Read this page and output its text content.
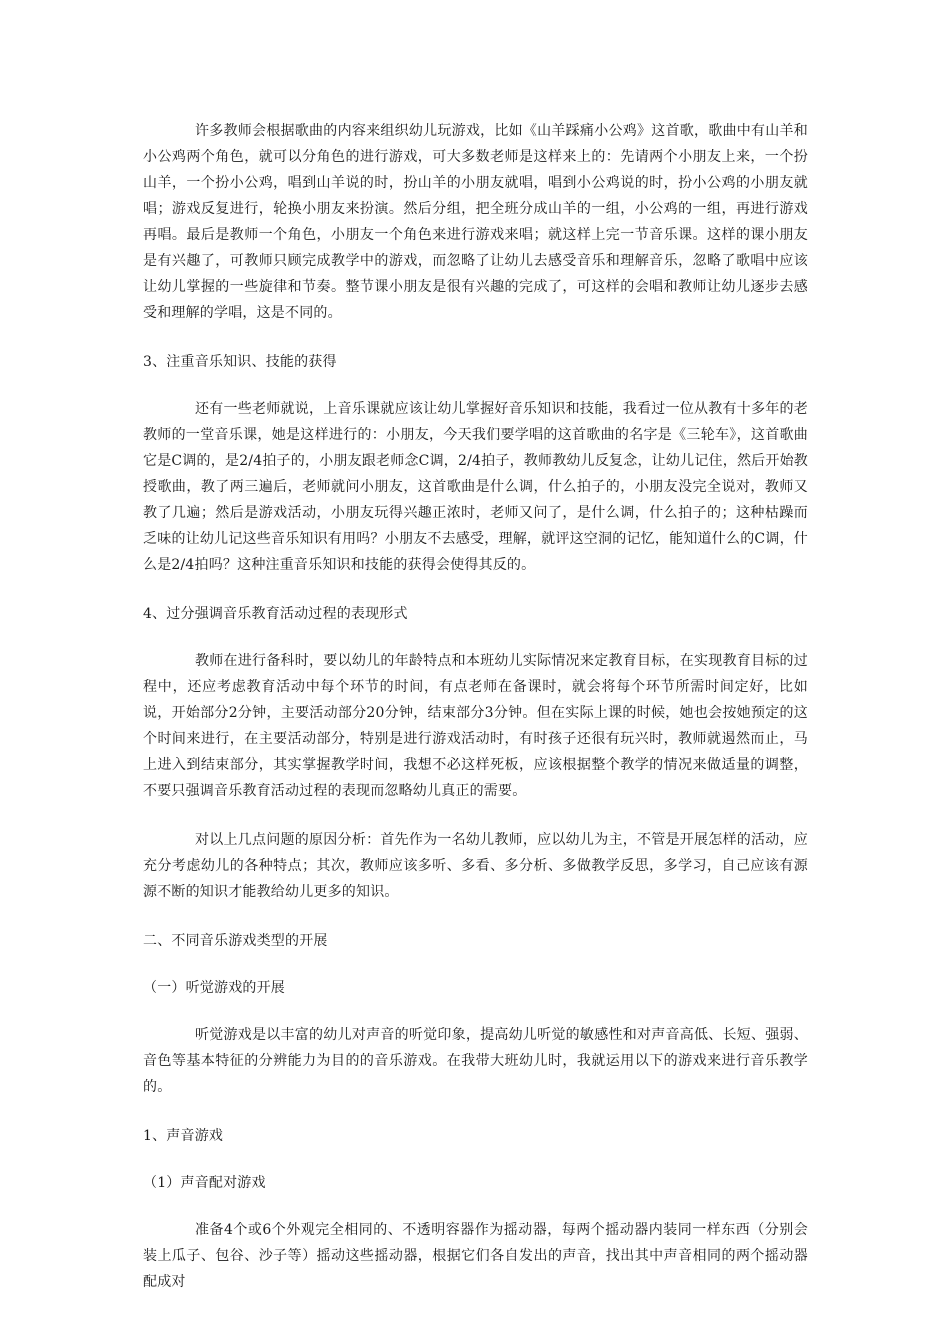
许多教师会根据歌曲的内容来组织幼儿玩游戏，比如《山羊踩痛小公鸡》这首歌，歌曲中有山羊和小公鸡两个角色，就可以分角色的进行游戏，可大多数老师是这样来上的：先请两个小朋友上来，一个扮山羊，一个扮小公鸡，唱到山羊说的时，扮山羊的小朋友就唱，唱到小公鸡说的时，扮小公鸡的小朋友就唱；游戏反复进行，轮换小朋友来扮演。然后分组，把全班分成山羊的一组，小公鸡的一组，再进行游戏再唱。最后是教师一个角色，小朋友一个角色来进行游戏来唱；就这样上完一节音乐课。这样的课小朋友是有兴趣了，可教师只顾完成教学中的游戏，而忽略了让幼儿去感受音乐和理解音乐，忽略了歌唱中应该让幼儿掌握的一些旋律和节奏。整节课小朋友是很有兴趣的完成了，可这样的会唱和教师让幼儿逐步去感受和理解的学唱，这是不同的。

3、注重音乐知识、技能的获得

还有一些老师就说，上音乐课就应该让幼儿掌握好音乐知识和技能，我看过一位从教有十多年的老教师的一堂音乐课，她是这样进行的：小朋友，今天我们要学唱的这首歌曲的名字是《三轮车》，这首歌曲它是C调的，是2/4拍子的，小朋友跟老师念C调，2/4拍子，教师教幼儿反复念，让幼儿记住，然后开始教授歌曲，教了两三遍后，老师就问小朋友，这首歌曲是什么调，什么拍子的，小朋友没完全说对，教师又教了几遍；然后是游戏活动，小朋友玩得兴趣正浓时，老师又问了，是什么调，什么拍子的；这种枯躁而乏味的让幼儿记这些音乐知识有用吗？小朋友不去感受，理解，就评这空洞的记忆，能知道什么的C调，什么是2/4拍吗？这种注重音乐知识和技能的获得会使得其反的。

4、过分强调音乐教育活动过程的表现形式

教师在进行备科时，要以幼儿的年龄特点和本班幼儿实际情况来定教育目标，在实现教育目标的过程中，还应考虑教育活动中每个环节的时间，有点老师在备课时，就会将每个环节所需时间定好，比如说，开始部分2分钟，主要活动部分20分钟，结束部分3分钟。但在实际上课的时候，她也会按她预定的这个时间来进行，在主要活动部分，特别是进行游戏活动时，有时孩子还很有玩兴时，教师就遏然而止，马上进入到结束部分，其实掌握教学时间，我想不必这样死板，应该根据整个教学的情况来做适量的调整，不要只强调音乐教育活动过程的表现而忽略幼儿真正的需要。

对以上几点问题的原因分析：首先作为一名幼儿教师，应以幼儿为主，不管是开展怎样的活动，应充分考虑幼儿的各种特点；其次，教师应该多听、多看、多分析、多做教学反思，多学习，自己应该有源源不断的知识才能教给幼儿更多的知识。

二、不同音乐游戏类型的开展

（一）听觉游戏的开展

听觉游戏是以丰富的幼儿对声音的听觉印象，提高幼儿听觉的敏感性和对声音高低、长短、强弱、音色等基本特征的分辨能力为目的的音乐游戏。在我带大班幼儿时，我就运用以下的游戏来进行音乐教学的。

1、声音游戏

（1）声音配对游戏

准备4个或6个外观完全相同的、不透明容器作为摇动器，每两个摇动器内装同一样东西（分别会装上瓜子、包谷、沙子等）摇动这些摇动器，根据它们各自发出的声音，找出其中声音相同的两个摇动器配成对
